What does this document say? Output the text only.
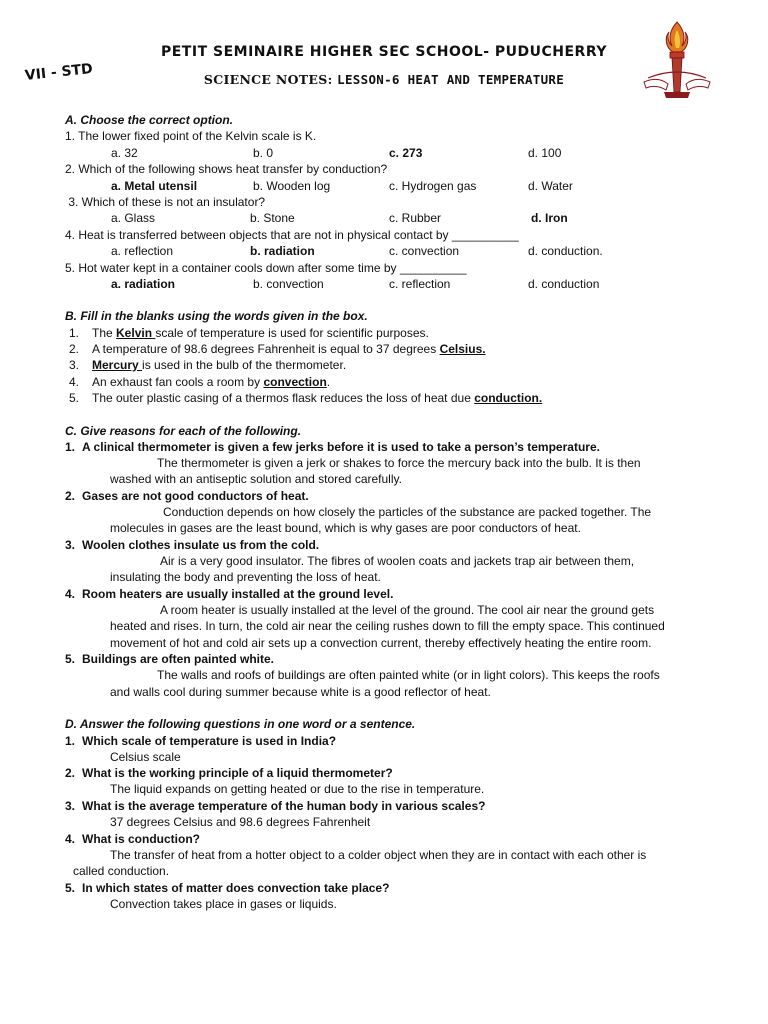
PETIT SEMINAIRE HIGHER SEC SCHOOL- PUDUCHERRY
VII - STD	SCIENCE NOTES: LESSON-6 HEAT AND TEMPERATURE
A. Choose the correct option.
1. The lower fixed point of the Kelvin scale is K.
a. 32	b. 0	c. 273	d. 100
2. Which of the following shows heat transfer by conduction?
a. Metal utensil	b. Wooden log	c. Hydrogen gas	d. Water
3. Which of these is not an insulator?
a. Glass	b. Stone	c. Rubber	d. Iron
4. Heat is transferred between objects that are not in physical contact by __________
a. reflection	b. radiation	c. convection	d. conduction.
5. Hot water kept in a container cools down after some time by __________
a. radiation	b. convection	c. reflection	d. conduction
B. Fill in the blanks using the words given in the box.
1. The Kelvin scale of temperature is used for scientific purposes.
2. A temperature of 98.6 degrees Fahrenheit is equal to 37 degrees Celsius.
3. Mercury is used in the bulb of the thermometer.
4. An exhaust fan cools a room by convection.
5. The outer plastic casing of a thermos flask reduces the loss of heat due conduction.
C. Give reasons for each of the following.
1. A clinical thermometer is given a few jerks before it is used to take a person’s temperature.
The thermometer is given a jerk or shakes to force the mercury back into the bulb. It is then
washed with an antiseptic solution and stored carefully.
2. Gases are not good conductors of heat.
Conduction depends on how closely the particles of the substance are packed together. The
molecules in gases are the least bound, which is why gases are poor conductors of heat.
3. Woolen clothes insulate us from the cold.
Air is a very good insulator. The fibres of woolen coats and jackets trap air between them,
insulating the body and preventing the loss of heat.
4. Room heaters are usually installed at the ground level.
A room heater is usually installed at the level of the ground. The cool air near the ground gets
heated and rises. In turn, the cold air near the ceiling rushes down to fill the empty space. This continued
movement of hot and cold air sets up a convection current, thereby effectively heating the entire room.
5. Buildings are often painted white.
The walls and roofs of buildings are often painted white (or in light colors). This keeps the roofs
and walls cool during summer because white is a good reflector of heat.
D. Answer the following questions in one word or a sentence.
1. Which scale of temperature is used in India?
Celsius scale
2. What is the working principle of a liquid thermometer?
The liquid expands on getting heated or due to the rise in temperature.
3. What is the average temperature of the human body in various scales?
37 degrees Celsius and 98.6 degrees Fahrenheit
4. What is conduction?
The transfer of heat from a hotter object to a colder object when they are in contact with each other is
called conduction.
5. In which states of matter does convection take place?
Convection takes place in gases or liquids.
